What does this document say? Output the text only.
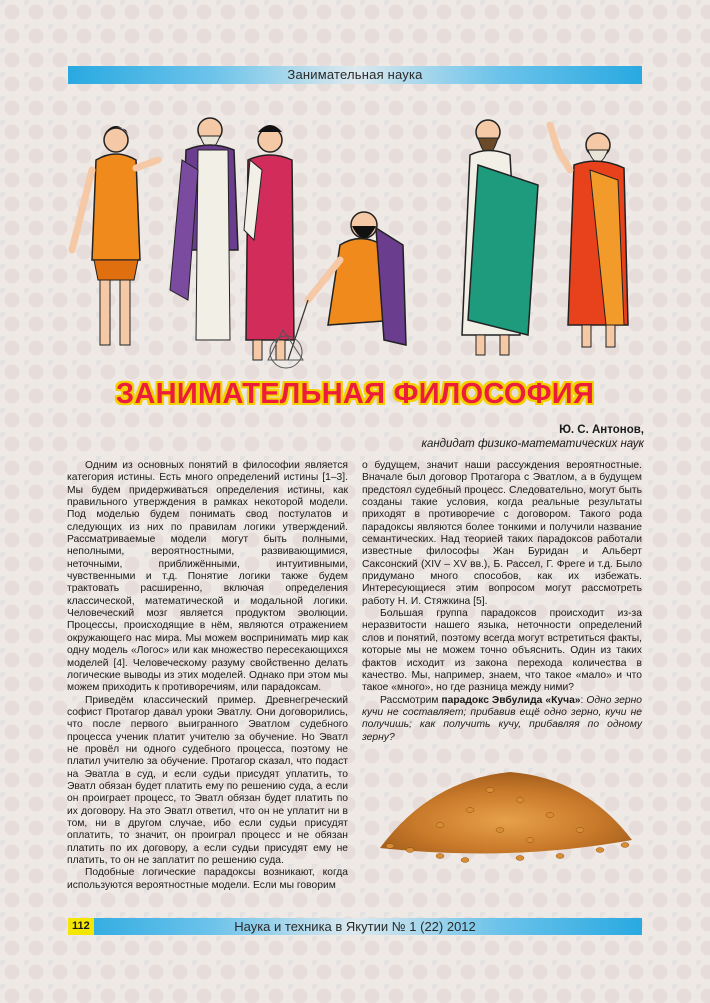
Занимательная наука
ЗАНИМАТЕЛЬНАЯ ФИЛОСОФИЯ
Ю. С. Антонов,
кандидат физико-математических наук

Одним из основных понятий в философии является категория истины. Есть много определений истины [1–3]. Мы будем придерживаться определения истины, как правильного утверждения в рамках некоторой модели. Под моделью будем понимать свод постулатов и следующих из них по правилам логики утверждений. Рассматриваемые модели могут быть полными, неполными, вероятностными, развивающимися, неточными, приближёнными, интуитивными, чувственными и т.д. Понятие логики также будем трактовать расширенно, включая определения классической, математической и модальной логики. Человеческий мозг является продуктом эволюции. Процессы, происходящие в нём, являются отражением окружающего нас мира. Мы можем воспринимать мир как одну модель «Логос» или как множество пересекающихся моделей [4]. Человеческому разуму свойственно делать логические выводы из этих моделей. Однако при этом мы можем приходить к противоречиям, или парадоксам.

Приведём классический пример. Древнегреческий софист Протагор давал уроки Эватлу. Они договорились, что после первого выигранного Эватлом судебного процесса ученик платит учителю за обучение. Но Эватл не провёл ни одного судебного процесса, поэтому не платил учителю за обучение. Протагор сказал, что подаст на Эватла в суд, и если судьи присудят уплатить, то Эватл обязан будет платить ему по решению суда, а если он проиграет процесс, то Эватл обязан будет платить по их договору. На это Эватл ответил, что он не уплатит ни в том, ни в другом случае, ибо если судьи присудят оплатить, то значит, он проиграл процесс и не обязан платить по их договору, а если судьи присудят ему не платить, то он не заплатит по решению суда.

Подобные логические парадоксы возникают, когда используются вероятностные модели. Если мы говорим

о будущем, значит наши рассуждения вероятностные. Вначале был договор Протагора с Эватлом, а в будущем предстоял судебный процесс. Следовательно, могут быть созданы такие условия, когда реальные результаты приходят в противоречие с договором. Такого рода парадоксы являются более тонкими и получили название семантических. Над теорией таких парадоксов работали известные философы Жан Буридан и Альберт Саксонский (XIV – XV вв.), Б. Рассел, Г. Фреге и т.д. Было придумано много способов, как их избежать. Интересующиеся этим вопросом могут рассмотреть работу Н. И. Стяжкина [5].

Большая группа парадоксов происходит из-за неразвитости нашего языка, неточности определений слов и понятий, поэтому всегда могут встретиться факты, которые мы не можем точно объяснить. Один из таких фактов исходит из закона перехода количества в качество. Мы, например, знаем, что такое «мало» и что такое «много», но где разница между ними?

Рассмотрим парадокс Эвбулида «Куча»: Одно зерно кучи не составляет; прибавив ещё одно зерно, кучи не получишь; как получить кучу, прибавляя по одному зерну?

Наука и техника в Якутии № 1 (22) 2012
112
